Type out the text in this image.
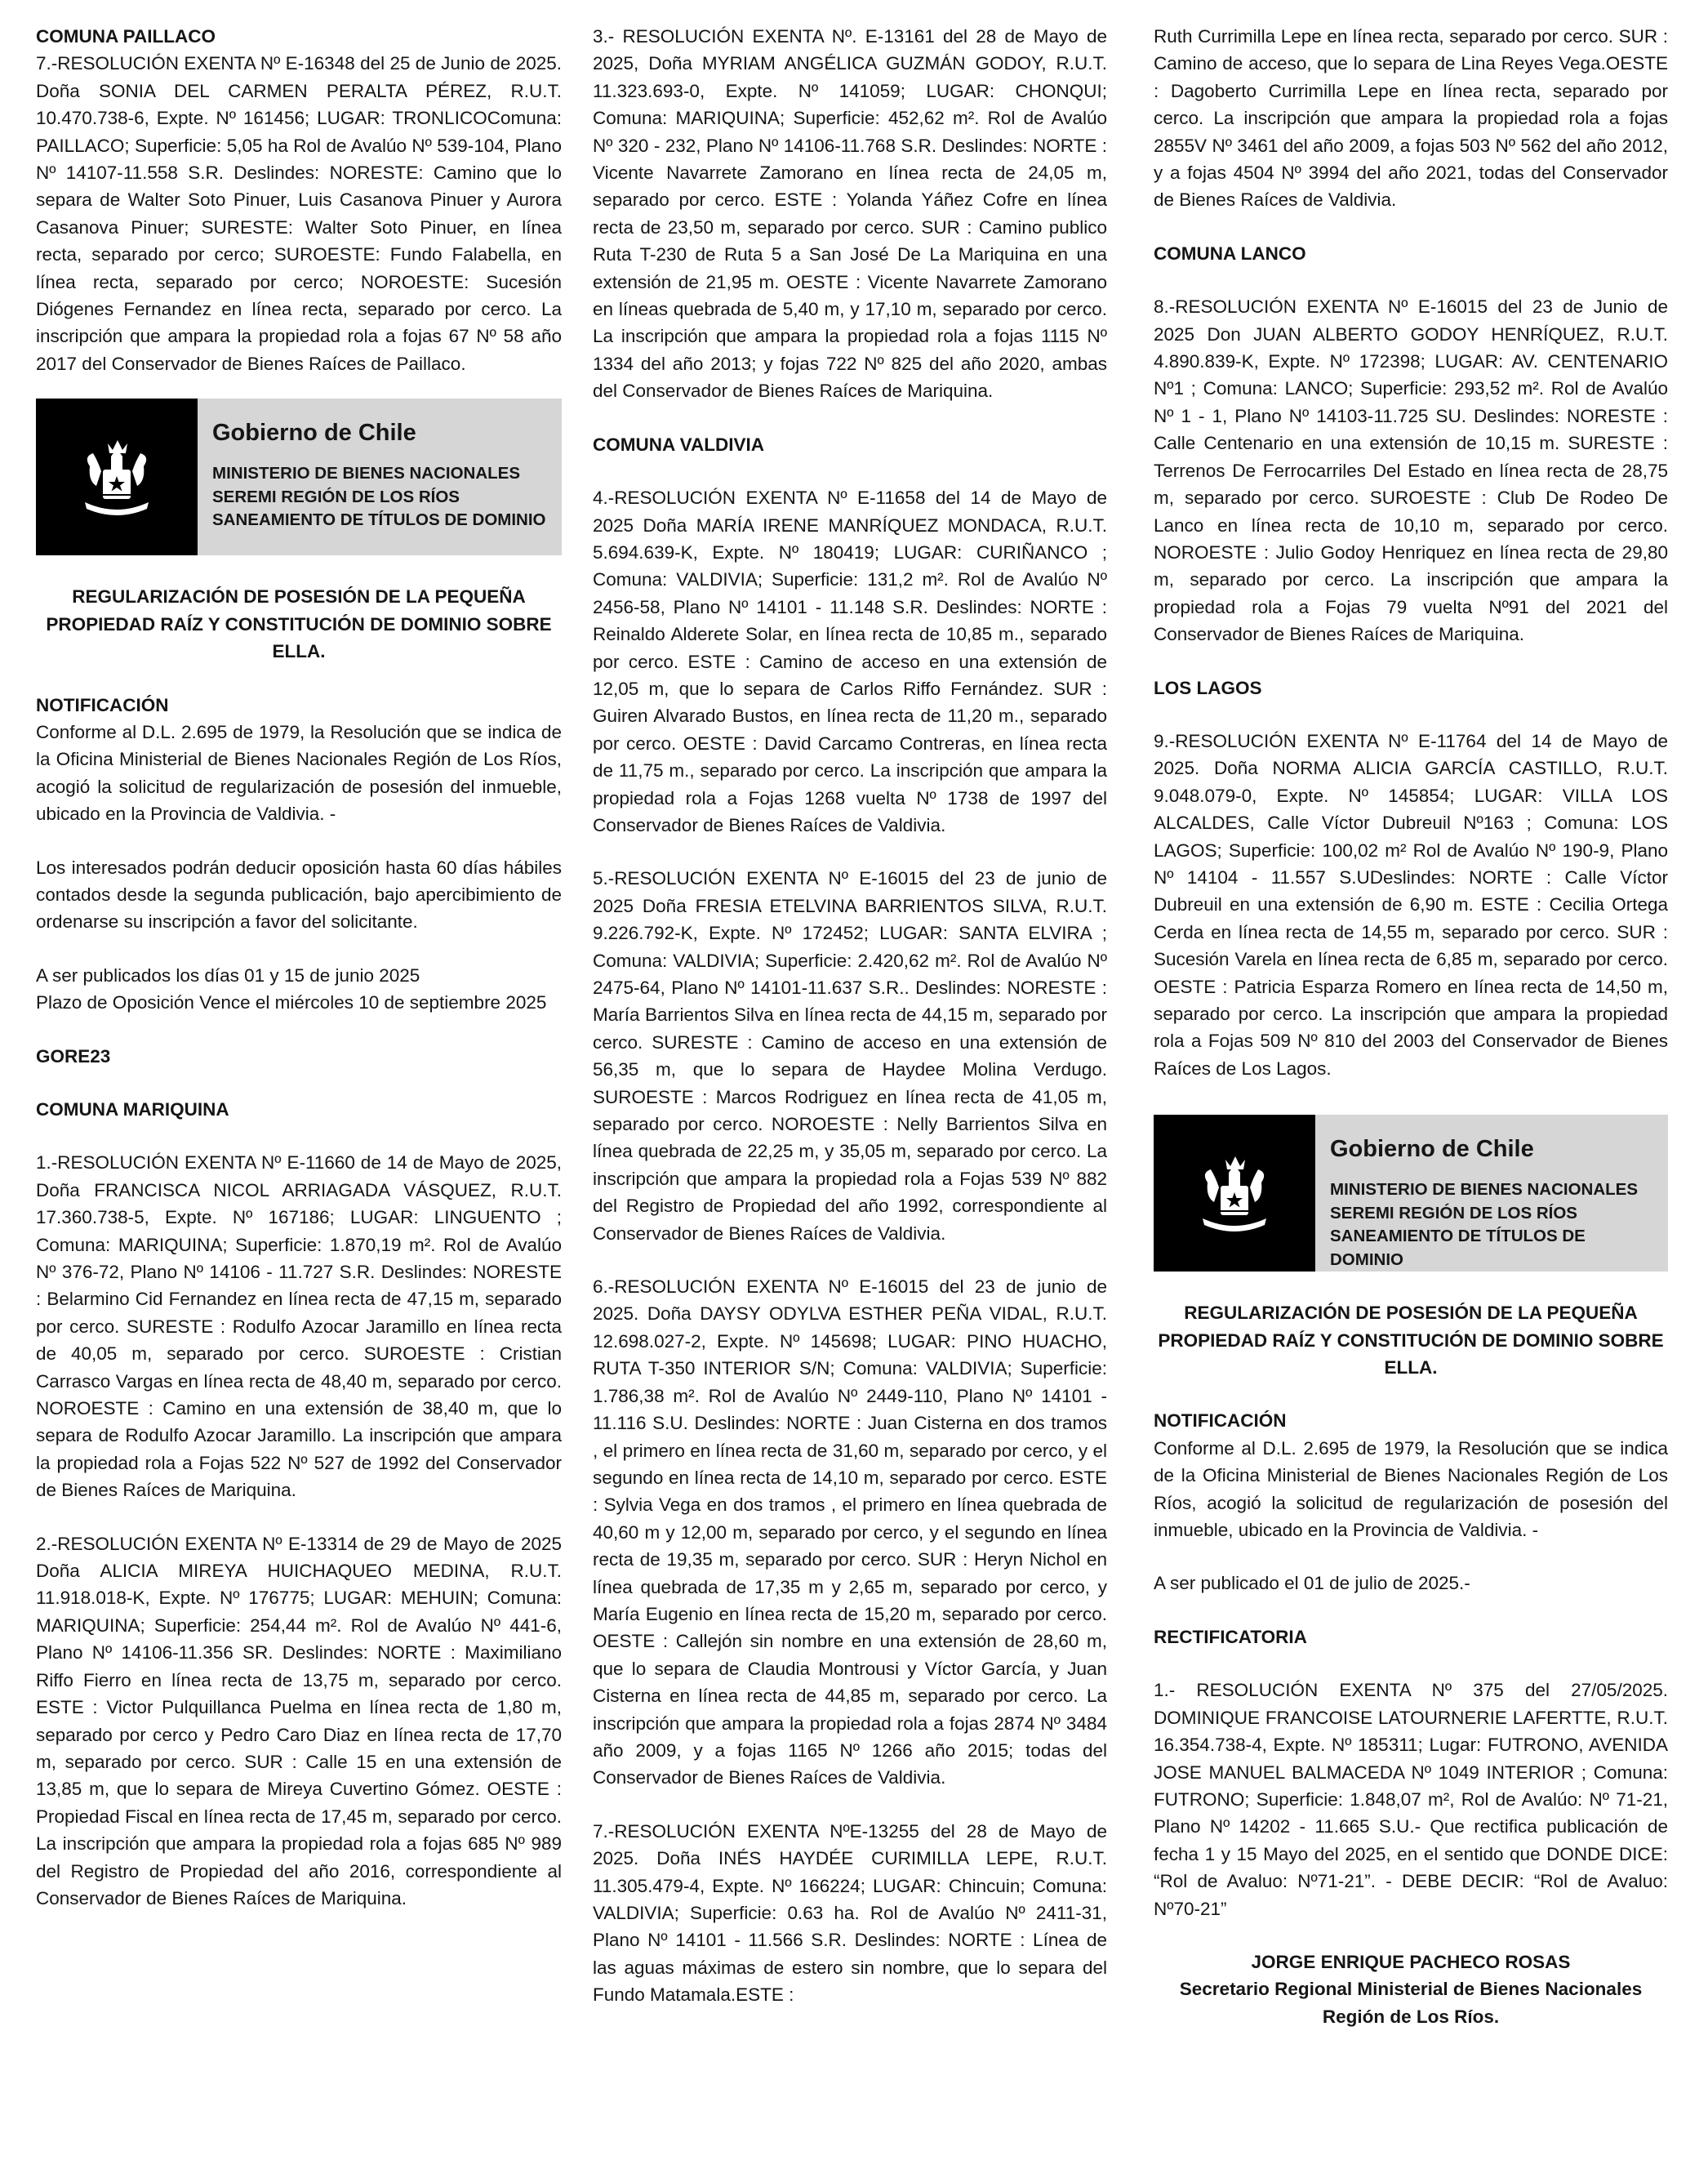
COMUNA PAILLACO

7.-RESOLUCIÓN EXENTA Nº E-16348 del 25 de Junio de 2025. Doña SONIA DEL CARMEN PERALTA PÉREZ, R.U.T. 10.470.738-6, Expte. Nº 161456; LUGAR: TRONLICOComuna: PAILLACO; Superficie: 5,05 ha Rol de Avalúo Nº 539-104, Plano Nº 14107-11.558 S.R. Deslindes: NORESTE: Camino que lo separa de Walter Soto Pinuer, Luis Casanova Pinuer y Aurora Casanova Pinuer; SURESTE: Walter Soto Pinuer, en línea recta, separado por cerco; SUROESTE: Fundo Falabella, en línea recta, separado por cerco; NOROESTE: Sucesión Diógenes Fernandez en línea recta, separado por cerco. La inscripción que ampara la propiedad rola a fojas 67 Nº 58 año 2017 del Conservador de Bienes Raíces de Paillaco.

Gobierno de Chile
MINISTERIO DE BIENES NACIONALES
SEREMI REGIÓN DE LOS RÍOS
SANEAMIENTO DE TÍTULOS DE DOMINIO
REGULARIZACIÓN DE POSESIÓN DE LA PEQUEÑA
PROPIEDAD RAÍZ Y CONSTITUCIÓN DE DOMINIO SOBRE ELLA.
NOTIFICACIÓN

Conforme al D.L. 2.695 de 1979, la Resolución que se indica de la Oficina Ministerial de Bienes Nacionales Región de Los Ríos, acogió la solicitud de regularización de posesión del inmueble, ubicado en la Provincia de Valdivia. -

Los interesados podrán deducir oposición hasta 60 días hábiles contados desde la segunda publicación, bajo apercibimiento de ordenarse su inscripción a favor del solicitante.

A ser publicados los días 01 y 15 de junio 2025

Plazo de Oposición Vence el miércoles 10 de septiembre 2025

GORE23
COMUNA MARIQUINA

1.-RESOLUCIÓN EXENTA Nº E-11660 de 14 de Mayo de 2025, Doña FRANCISCA NICOL ARRIAGADA VÁSQUEZ, R.U.T. 17.360.738-5, Expte. Nº 167186; LUGAR: LINGUENTO ; Comuna: MARIQUINA; Superficie: 1.870,19 m². Rol de Avalúo Nº 376-72, Plano Nº 14106 - 11.727 S.R. Deslindes: NORESTE : Belarmino Cid Fernandez en línea recta de 47,15 m, separado por cerco. SURESTE : Rodulfo Azocar Jaramillo en línea recta de 40,05 m, separado por cerco. SUROESTE : Cristian Carrasco Vargas en línea recta de 48,40 m, separado por cerco. NOROESTE : Camino en una extensión de 38,40 m, que lo separa de Rodulfo Azocar Jaramillo. La inscripción que ampara la propiedad rola a Fojas 522 Nº 527 de 1992 del Conservador de Bienes Raíces de Mariquina.

2.-RESOLUCIÓN EXENTA Nº E-13314 de 29 de Mayo de 2025 Doña ALICIA MIREYA HUICHAQUEO MEDINA, R.U.T. 11.918.018-K, Expte. Nº 176775; LUGAR: MEHUIN; Comuna: MARIQUINA; Superficie: 254,44 m². Rol de Avalúo Nº 441-6, Plano Nº 14106-11.356 SR. Deslindes: NORTE : Maximiliano Riffo Fierro en línea recta de 13,75 m, separado por cerco. ESTE : Victor Pulquillanca Puelma en línea recta de 1,80 m, separado por cerco y Pedro Caro Diaz en línea recta de 17,70 m, separado por cerco. SUR : Calle 15 en una extensión de 13,85 m, que lo separa de Mireya Cuvertino Gómez. OESTE : Propiedad Fiscal en línea recta de 17,45 m, separado por cerco. La inscripción que ampara la propiedad rola a fojas 685 Nº 989 del Registro de Propiedad del año 2016, correspondiente al Conservador de Bienes Raíces de Mariquina.

3.- RESOLUCIÓN EXENTA Nº. E-13161 del 28 de Mayo de 2025, Doña MYRIAM ANGÉLICA GUZMÁN GODOY, R.U.T. 11.323.693-0, Expte. Nº 141059; LUGAR: CHONQUI; Comuna: MARIQUINA; Superficie: 452,62 m². Rol de Avalúo Nº 320 - 232, Plano Nº 14106-11.768 S.R. Deslindes: NORTE : Vicente Navarrete Zamorano en línea recta de 24,05 m, separado por cerco. ESTE : Yolanda Yáñez Cofre en línea recta de 23,50 m, separado por cerco. SUR : Camino publico Ruta T-230 de Ruta 5 a San José De La Mariquina en una extensión de 21,95 m. OESTE : Vicente Navarrete Zamorano en líneas quebrada de 5,40 m, y 17,10 m, separado por cerco. La inscripción que ampara la propiedad rola a fojas 1115 Nº 1334 del año 2013; y fojas 722 Nº 825 del año 2020, ambas del Conservador de Bienes Raíces de Mariquina.

COMUNA VALDIVIA

4.-RESOLUCIÓN EXENTA Nº E-11658 del 14 de Mayo de 2025 Doña MARÍA IRENE MANRÍQUEZ MONDACA, R.U.T. 5.694.639-K, Expte. Nº 180419; LUGAR: CURIÑANCO ; Comuna: VALDIVIA; Superficie: 131,2 m². Rol de Avalúo Nº 2456-58, Plano Nº 14101 - 11.148 S.R. Deslindes: NORTE : Reinaldo Alderete Solar, en línea recta de 10,85 m., separado por cerco. ESTE : Camino de acceso en una extensión de 12,05 m, que lo separa de Carlos Riffo Fernández. SUR : Guiren Alvarado Bustos, en línea recta de 11,20 m., separado por cerco. OESTE : David Carcamo Contreras, en línea recta de 11,75 m., separado por cerco. La inscripción que ampara la propiedad rola a Fojas 1268 vuelta Nº 1738 de 1997 del Conservador de Bienes Raíces de Valdivia.

5.-RESOLUCIÓN EXENTA Nº E-16015 del 23 de junio de 2025 Doña FRESIA ETELVINA BARRIENTOS SILVA, R.U.T. 9.226.792-K, Expte. Nº 172452; LUGAR: SANTA ELVIRA ; Comuna: VALDIVIA; Superficie: 2.420,62 m². Rol de Avalúo Nº 2475-64, Plano Nº 14101-11.637 S.R.. Deslindes: NORESTE : María Barrientos Silva en línea recta de 44,15 m, separado por cerco. SURESTE : Camino de acceso en una extensión de 56,35 m, que lo separa de Haydee Molina Verdugo. SUROESTE : Marcos Rodriguez en línea recta de 41,05 m, separado por cerco. NOROESTE : Nelly Barrientos Silva en línea quebrada de 22,25 m, y 35,05 m, separado por cerco. La inscripción que ampara la propiedad rola a Fojas 539 Nº 882 del Registro de Propiedad del año 1992, correspondiente al Conservador de Bienes Raíces de Valdivia.

6.-RESOLUCIÓN EXENTA Nº E-16015 del 23 de junio de 2025. Doña DAYSY ODYLVA ESTHER PEÑA VIDAL, R.U.T. 12.698.027-2, Expte. Nº 145698; LUGAR: PINO HUACHO, RUTA T-350 INTERIOR S/N; Comuna: VALDIVIA; Superficie: 1.786,38 m². Rol de Avalúo Nº 2449-110, Plano Nº 14101 - 11.116 S.U. Deslindes: NORTE : Juan Cisterna en dos tramos , el primero en línea recta de 31,60 m, separado por cerco, y el segundo en línea recta de 14,10 m, separado por cerco. ESTE : Sylvia Vega en dos tramos , el primero en línea quebrada de 40,60 m y 12,00 m, separado por cerco, y el segundo en línea recta de 19,35 m, separado por cerco. SUR : Heryn Nichol en línea quebrada de 17,35 m y 2,65 m, separado por cerco, y María Eugenio en línea recta de 15,20 m, separado por cerco. OESTE : Callejón sin nombre en una extensión de 28,60 m, que lo separa de Claudia Montrousi y Víctor García, y Juan Cisterna en línea recta de 44,85 m, separado por cerco. La inscripción que ampara la propiedad rola a fojas 2874 Nº 3484 año 2009, y a fojas 1165 Nº 1266 año 2015; todas del Conservador de Bienes Raíces de Valdivia.

7.-RESOLUCIÓN EXENTA NºE-13255 del 28 de Mayo de 2025. Doña INÉS HAYDÉE CURIMILLA LEPE, R.U.T. 11.305.479-4, Expte. Nº 166224; LUGAR: Chincuin; Comuna: VALDIVIA; Superficie: 0.63 ha. Rol de Avalúo Nº 2411-31, Plano Nº 14101 - 11.566 S.R. Deslindes: NORTE : Línea de las aguas máximas de estero sin nombre, que lo separa del Fundo Matamala.ESTE :

Ruth Currimilla Lepe en línea recta, separado por cerco. SUR : Camino de acceso, que lo separa de Lina Reyes Vega.OESTE : Dagoberto Currimilla Lepe en línea recta, separado por cerco. La inscripción que ampara la propiedad rola a fojas 2855V Nº 3461 del año 2009, a fojas 503 Nº 562 del año 2012, y a fojas 4504 Nº 3994 del año 2021, todas del Conservador de Bienes Raíces de Valdivia.

COMUNA LANCO

8.-RESOLUCIÓN EXENTA Nº E-16015 del 23 de Junio de 2025 Don JUAN ALBERTO GODOY HENRÍQUEZ, R.U.T. 4.890.839-K, Expte. Nº 172398; LUGAR: AV. CENTENARIO Nº1 ; Comuna: LANCO; Superficie: 293,52 m². Rol de Avalúo Nº 1 - 1, Plano Nº 14103-11.725 SU. Deslindes: NORESTE : Calle Centenario en una extensión de 10,15 m. SURESTE : Terrenos De Ferrocarriles Del Estado en línea recta de 28,75 m, separado por cerco. SUROESTE : Club De Rodeo De Lanco en línea recta de 10,10 m, separado por cerco. NOROESTE : Julio Godoy Henriquez en línea recta de 29,80 m, separado por cerco. La inscripción que ampara la propiedad rola a Fojas 79 vuelta Nº91 del 2021 del Conservador de Bienes Raíces de Mariquina.

LOS LAGOS

9.-RESOLUCIÓN EXENTA Nº E-11764 del 14 de Mayo de 2025. Doña NORMA ALICIA GARCÍA CASTILLO, R.U.T. 9.048.079-0, Expte. Nº 145854; LUGAR: VILLA LOS ALCALDES, Calle Víctor Dubreuil Nº163 ; Comuna: LOS LAGOS; Superficie: 100,02 m² Rol de Avalúo Nº 190-9, Plano Nº 14104 - 11.557 S.UDeslindes: NORTE : Calle Víctor Dubreuil en una extensión de 6,90 m. ESTE : Cecilia Ortega Cerda en línea recta de 14,55 m, separado por cerco. SUR : Sucesión Varela en línea recta de 6,85 m, separado por cerco. OESTE : Patricia Esparza Romero en línea recta de 14,50 m, separado por cerco. La inscripción que ampara la propiedad rola a Fojas 509 Nº 810 del 2003 del Conservador de Bienes Raíces de Los Lagos.

Gobierno de Chile
MINISTERIO DE BIENES NACIONALES
SEREMI REGIÓN DE LOS RÍOS
SANEAMIENTO DE TÍTULOS DE DOMINIO
REGULARIZACIÓN DE POSESIÓN DE LA PEQUEÑA
PROPIEDAD RAÍZ Y CONSTITUCIÓN DE DOMINIO SOBRE ELLA.
NOTIFICACIÓN

Conforme al D.L. 2.695 de 1979, la Resolución que se indica de la Oficina Ministerial de Bienes Nacionales Región de Los Ríos, acogió la solicitud de regularización de posesión del inmueble, ubicado en la Provincia de Valdivia. -

A ser publicado el 01 de julio de 2025.-

RECTIFICATORIA

1.- RESOLUCIÓN EXENTA Nº 375 del 27/05/2025. DOMINIQUE FRANCOISE LATOURNERIE LAFERTTE, R.U.T. 16.354.738-4, Expte. Nº 185311; Lugar: FUTRONO, AVENIDA JOSE MANUEL BALMACEDA Nº 1049 INTERIOR ; Comuna: FUTRONO; Superficie: 1.848,07 m², Rol de Avalúo: Nº 71-21, Plano Nº 14202 - 11.665 S.U.- Que rectifica publicación de fecha 1 y 15 Mayo del 2025, en el sentido que DONDE DICE: “Rol de Avaluo: Nº71-21”. - DEBE DECIR: “Rol de Avaluo: Nº70-21”

JORGE ENRIQUE PACHECO ROSAS
Secretario Regional Ministerial de Bienes Nacionales
Región de Los Ríos.
